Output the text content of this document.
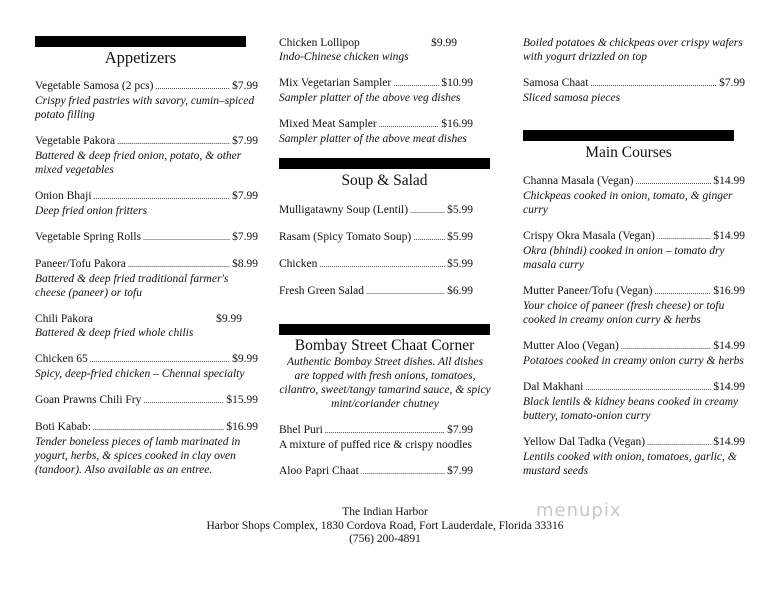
Appetizers
Vegetable Samosa (2 pcs) .....	$7.99
Crispy fried pastries with savory, cumin–spiced potato filling
Vegetable Pakora .....	$7.99
Battered & deep fried onion, potato, & other mixed vegetables
Onion Bhaji .....	$7.99
Deep fried onion fritters
Vegetable Spring Rolls .....	$7.99
Paneer/Tofu Pakora .....	$8.99
Battered & deep fried traditional farmer's cheese (paneer) or tofu
Chili Pakora	$9.99
Battered & deep fried whole chilis
Chicken 65 .....	$9.99
Spicy, deep-fried chicken – Chennai specialty
Goan Prawns Chili Fry .....	$15.99
Boti Kabab: .....	$16.99
Tender boneless pieces of lamb marinated in yogurt, herbs, & spices cooked in clay oven (tandoor). Also available as an entree.
Chicken Lollipop	$9.99
Indo-Chinese chicken wings
Mix Vegetarian Sampler .....	$10.99
Sampler platter of the above veg dishes
Mixed Meat Sampler .....	$16.99
Sampler platter of the above meat dishes
Soup & Salad
Mulligatawny Soup (Lentil) .....	$5.99
Rasam (Spicy Tomato Soup) .....	$5.99
Chicken .....	$5.99
Fresh Green Salad .....	$6.99
Bombay Street Chaat Corner
Authentic Bombay Street dishes. All dishes are topped with fresh onions, tomatoes, cilantro, sweet/tangy tamarind sauce, & spicy mint/coriander chutney
Bhel Puri .....	$7.99
A mixture of puffed rice & crispy noodles
Aloo Papri Chaat .....	$7.99
Boiled potatoes & chickpeas over crispy wafers with yogurt drizzled on top
Samosa Chaat .....	$7.99
Sliced samosa pieces
Main Courses
Channa Masala (Vegan) .....	$14.99
Chickpeas cooked in onion, tomato, & ginger curry
Crispy Okra Masala (Vegan) .....	$14.99
Okra (bhindi) cooked in onion – tomato dry masala curry
Mutter Paneer/Tofu (Vegan) .....	$16.99
Your choice of paneer (fresh cheese) or tofu cooked in creamy onion curry & herbs
Mutter Aloo (Vegan) .....	$14.99
Potatoes cooked in creamy onion curry & herbs
Dal Makhani .....	$14.99
Black lentils & kidney beans cooked in creamy buttery, tomato-onion curry
Yellow Dal Tadka (Vegan) .....	$14.99
Lentils cooked with onion, tomatoes, garlic, & mustard seeds
The Indian Harbor
Harbor Shops Complex, 1830 Cordova Road, Fort Lauderdale, Florida 33316
(756) 200-4891
menupix
